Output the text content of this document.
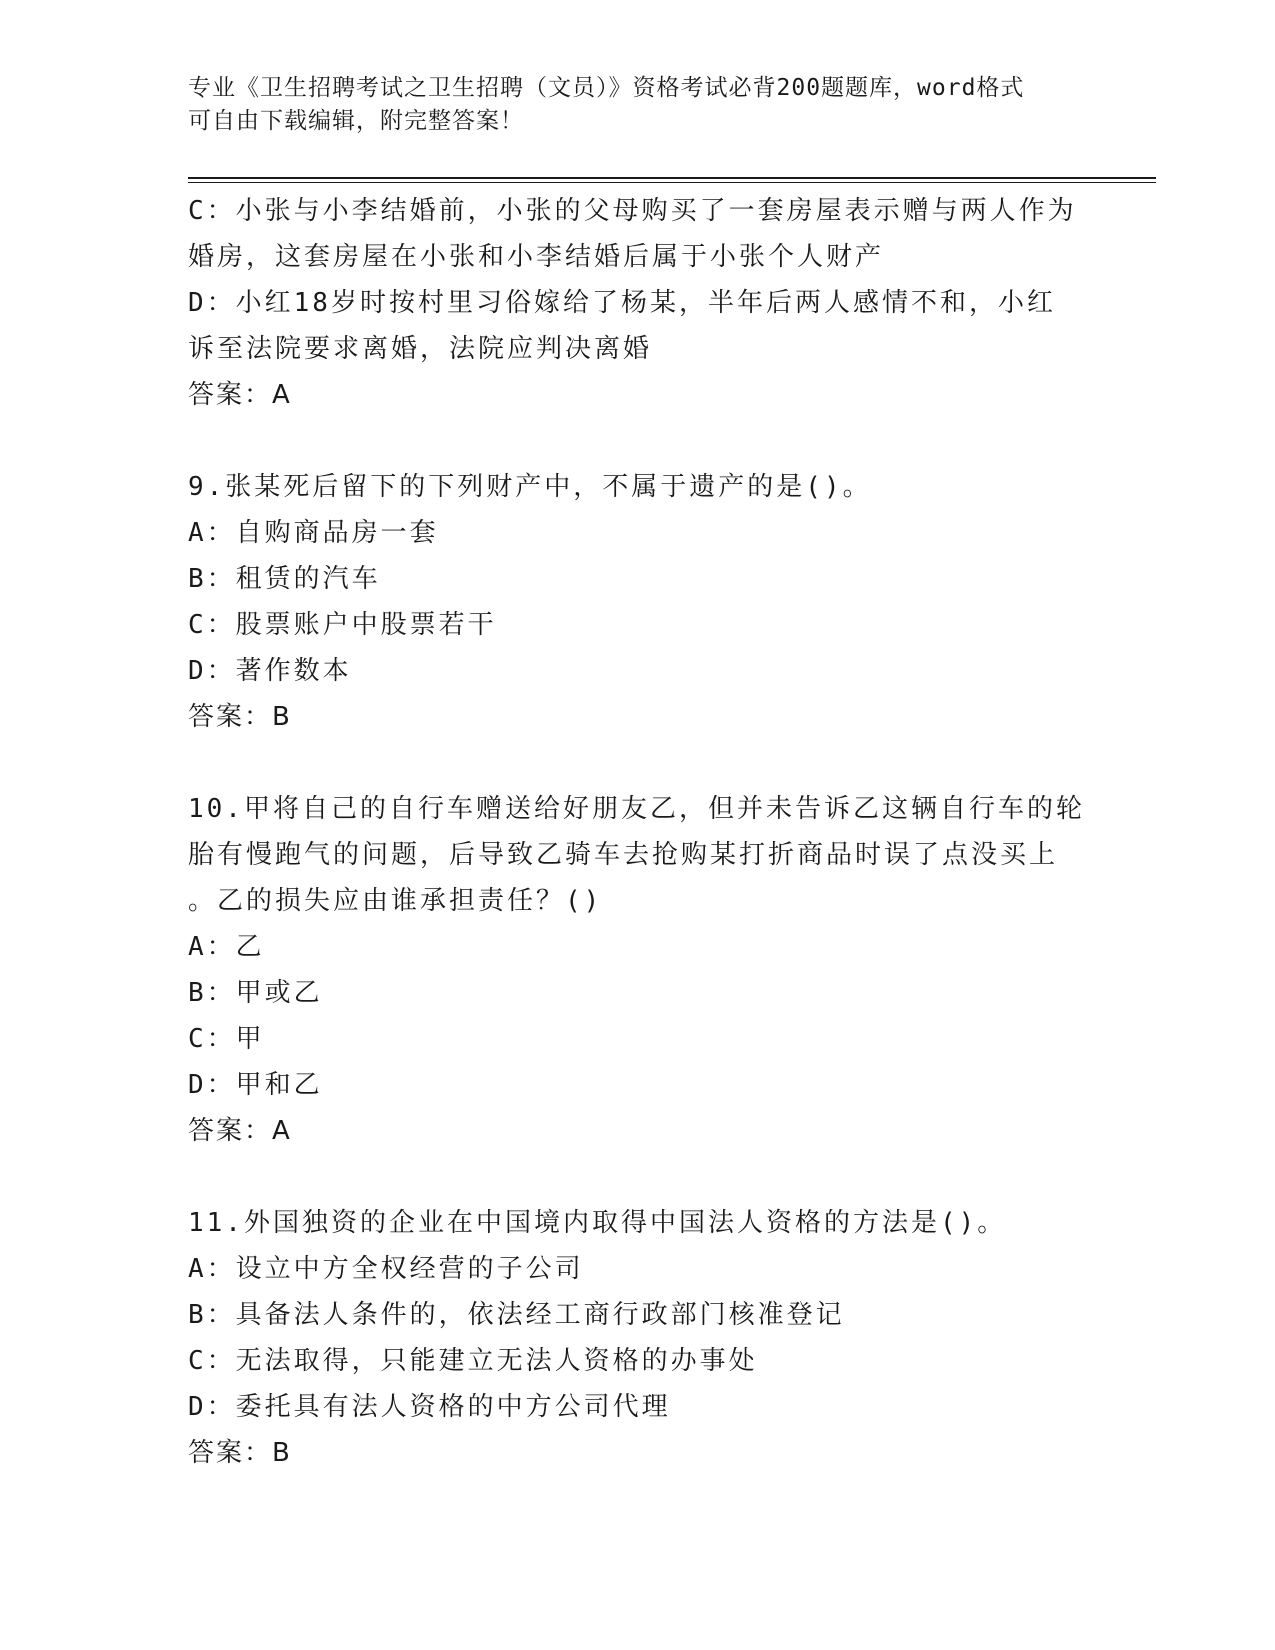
专业《卫生招聘考试之卫生招聘（文员）》资格考试必背200题题库，word格式
可自由下载编辑，附完整答案！
C：小张与小李结婚前，小张的父母购买了一套房屋表示赠与两人作为
婚房，这套房屋在小张和小李结婚后属于小张个人财产
D：小红18岁时按村里习俗嫁给了杨某，半年后两人感情不和，小红
诉至法院要求离婚，法院应判决离婚
答案：A
9.张某死后留下的下列财产中，不属于遗产的是()。
A：自购商品房一套
B：租赁的汽车
C：股票账户中股票若干
D：著作数本
答案：B
10.甲将自己的自行车赠送给好朋友乙，但并未告诉乙这辆自行车的轮
胎有慢跑气的问题，后导致乙骑车去抢购某打折商品时误了点没买上
。乙的损失应由谁承担责任？()
A：乙
B：甲或乙
C：甲
D：甲和乙
答案：A
11.外国独资的企业在中国境内取得中国法人资格的方法是()。
A：设立中方全权经营的子公司
B：具备法人条件的，依法经工商行政部门核准登记
C：无法取得，只能建立无法人资格的办事处
D：委托具有法人资格的中方公司代理
答案：B
